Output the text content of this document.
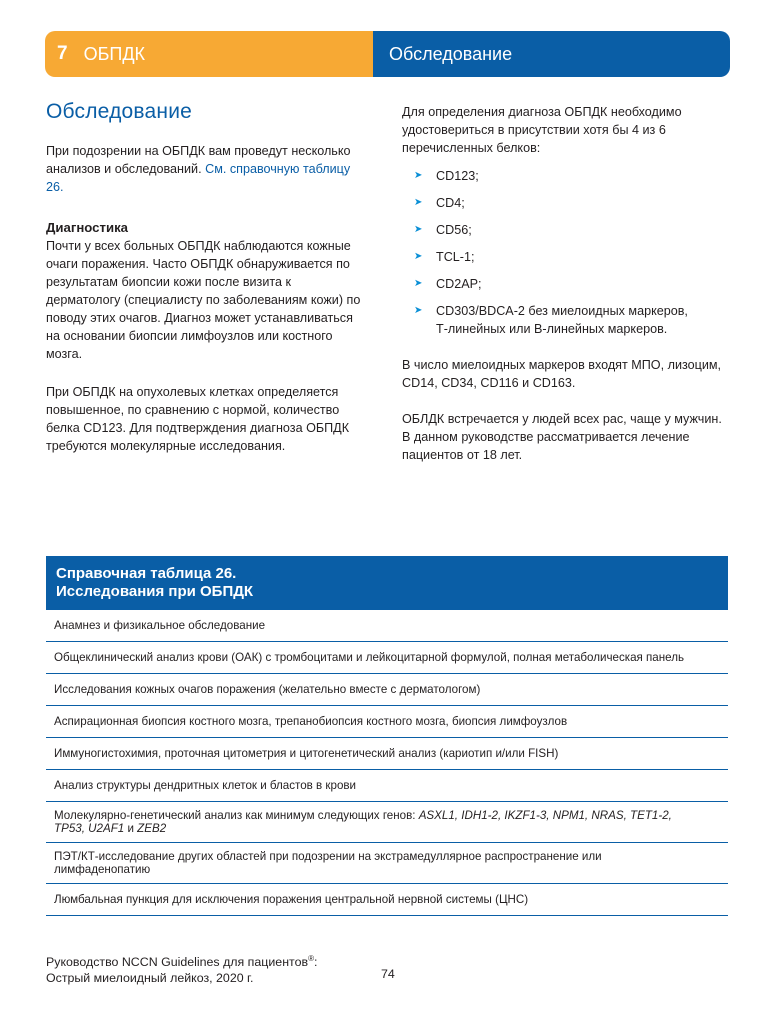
7 ОБПДК	Обследование
Обследование

При подозрении на ОБПДК вам проведут несколько анализов и обследований. См. справочную таблицу 26.

Диагностика

Почти у всех больных ОБПДК наблюдаются кожные очаги поражения. Часто ОБПДК обнаруживается по результатам биопсии кожи после визита к дерматологу (специалисту по заболеваниям кожи) по поводу этих очагов. Диагноз может устанавливаться на основании биопсии лимфоузлов или костного мозга.

При ОБПДК на опухолевых клетках определяется повышенное, по сравнению с нормой, количество белка CD123. Для подтверждения диагноза ОБПДК требуются молекулярные исследования.

Для определения диагноза ОБПДК необходимо удостовериться в присутствии хотя бы 4 из 6 перечисленных белков:

➤ CD123;
➤ CD4;
➤ CD56;
➤ TCL-1;
➤ CD2AP;
➤ CD303/BDCA-2 без миелоидных маркеров, Т-линейных или В-линейных маркеров.

В число миелоидных маркеров входят МПО, лизоцим, CD14, CD34, CD116 и CD163.

ОБЛДК встречается у людей всех рас, чаще у мужчин. В данном руководстве рассматривается лечение пациентов от 18 лет.

Справочная таблица 26.
Исследования при ОБПДК
Анамнез и физикальное обследование
Общеклинический анализ крови (ОАК) с тромбоцитами и лейкоцитарной формулой, полная метаболическая панель
Исследования кожных очагов поражения (желательно вместе с дерматологом)
Аспирационная биопсия костного мозга, трепанобиопсия костного мозга, биопсия лимфоузлов
Иммуногистохимия, проточная цитометрия и цитогенетический анализ (кариотип и/или FISH)
Анализ структуры дендритных клеток и бластов в крови
Молекулярно-генетический анализ как минимум следующих генов: ASXL1, IDH1-2, IKZF1-3, NPM1, NRAS, TET1-2,
TP53, U2AF1 и ZEB2
ПЭТ/КТ-исследование других областей при подозрении на экстрамедуллярное распространение или лимфаденопатию
Люмбальная пункция для исключения поражения центральной нервной системы (ЦНС)
Руководство NCCN Guidelines для пациентов®:
Острый миелоидный лейкоз, 2020 г.	74
